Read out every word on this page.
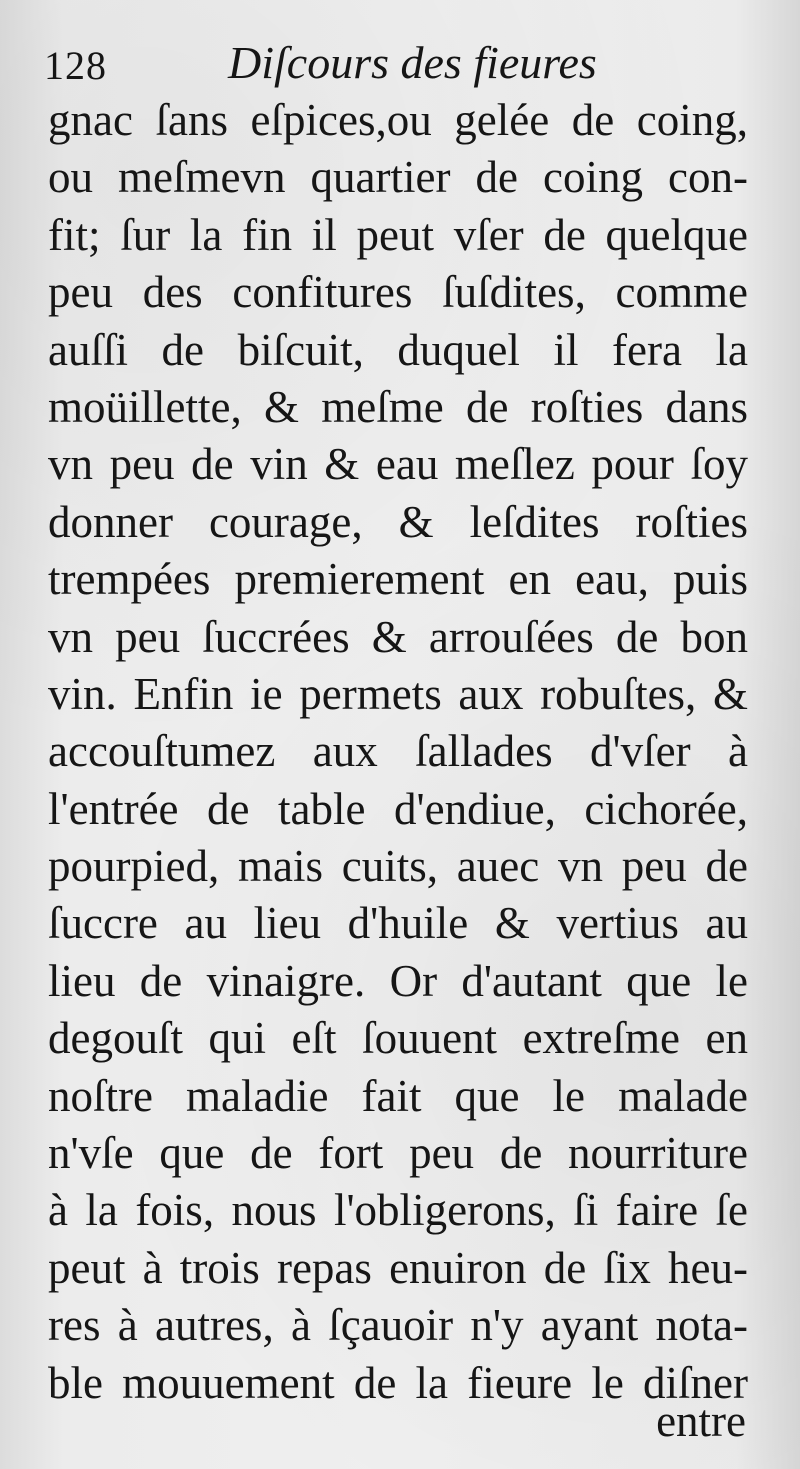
128	Diſcours des fieures
gnac ſans eſpices,ou gelée de coing,
ou meſmevn quartier de coing con-
fit; ſur la fin il peut vſer de quelque
peu des confitures ſuſdites, comme
auſſi de biſcuit, duquel il fera la
moüillette, & meſme de roſties dans
vn peu de vin & eau meſlez pour ſoy
donner courage, & leſdites roſties
trempées premierement en eau, puis
vn peu ſuccrées & arrouſées de bon
vin. Enfin ie permets aux robuſtes, &
accouſtumez aux ſallades d'vſer à
l'entrée de table d'endiue, cichorée,
pourpied, mais cuits, auec vn peu de
ſuccre au lieu d'huile & vertius au
lieu de vinaigre. Or d'autant que le
degouſt qui eſt ſouuent extreſme en
noſtre maladie fait que le malade
n'vſe que de fort peu de nourriture
à la fois, nous l'obligerons, ſi faire ſe
peut à trois repas enuiron de ſix heu-
res à autres, à ſçauoir n'y ayant nota-
ble mouuement de la fieure le diſner
entre
